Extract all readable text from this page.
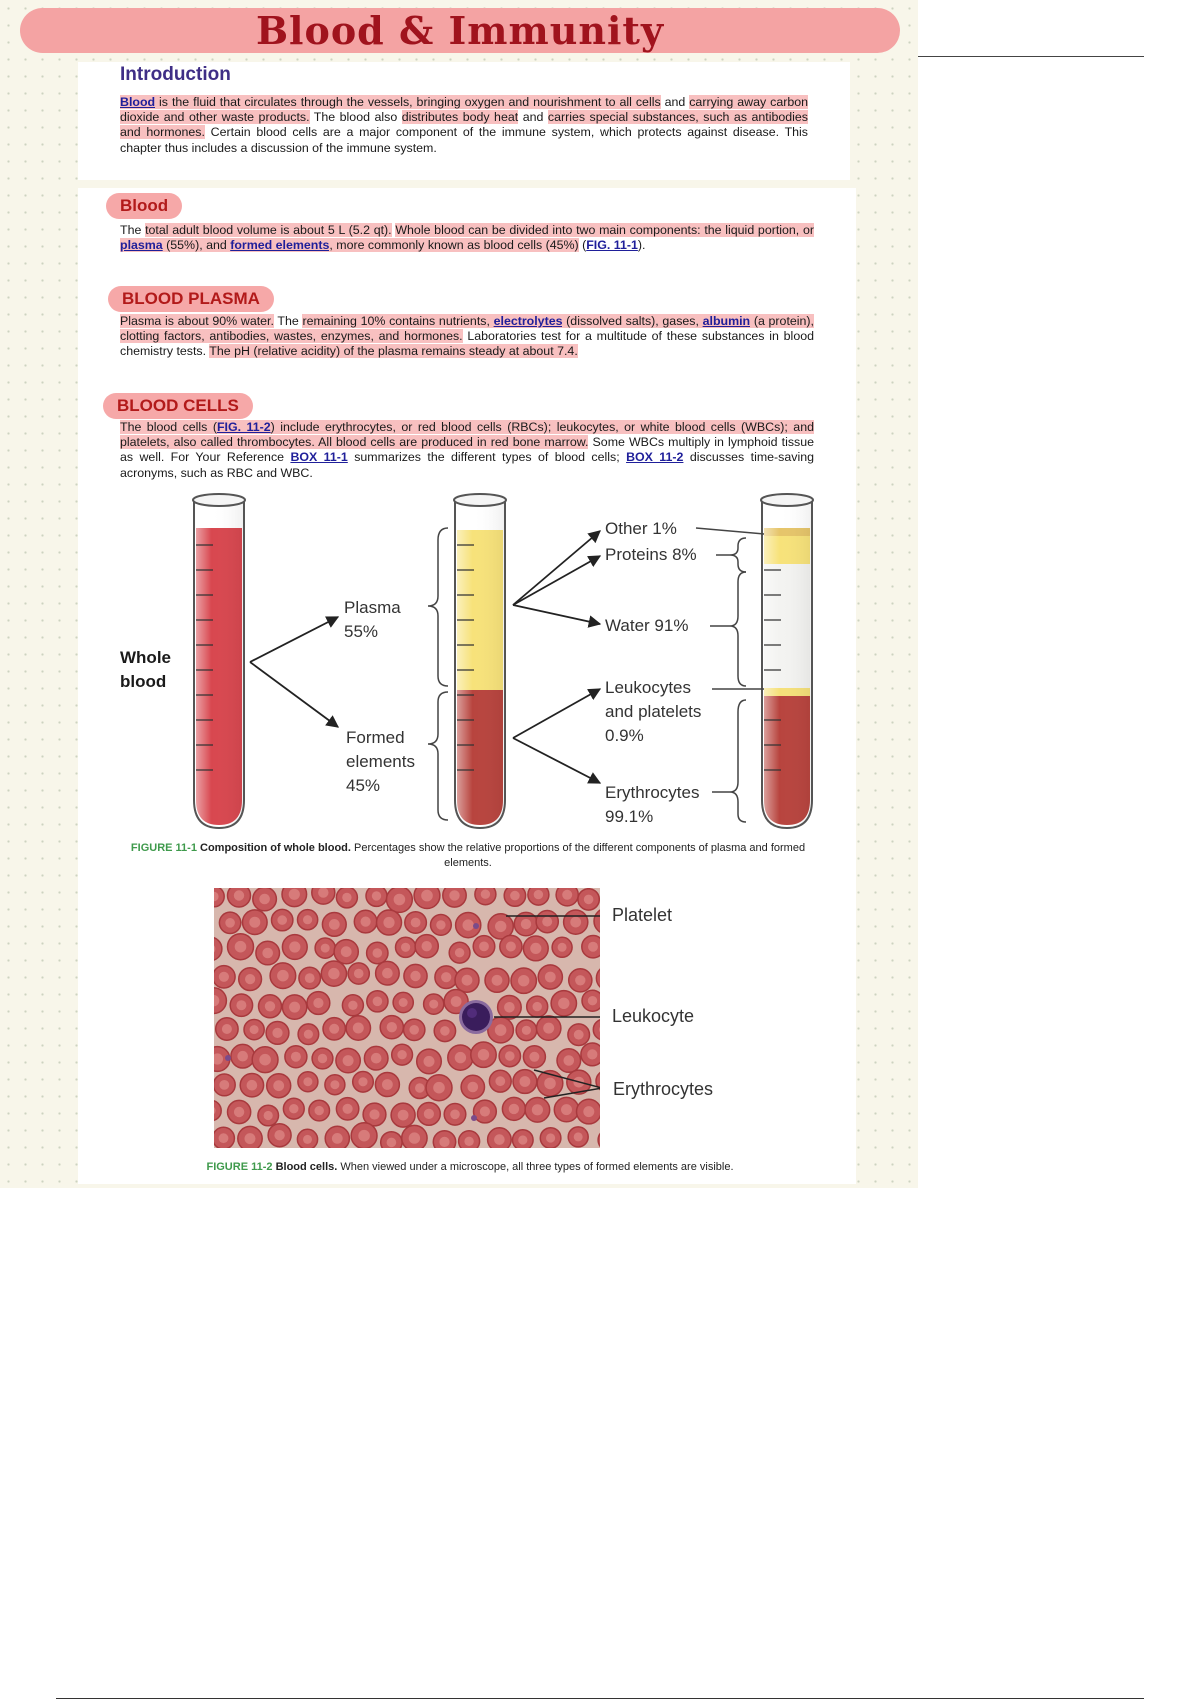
Blood & Immunity
Introduction

Blood is the fluid that circulates through the vessels, bringing oxygen and nourishment to all cells and carrying away carbon dioxide and other waste products. The blood also distributes body heat and carries special substances, such as antibodies and hormones. Certain blood cells are a major component of the immune system, which protects against disease. This chapter thus includes a discussion of the immune system.

Blood

The total adult blood volume is about 5 L (5.2 qt). Whole blood can be divided into two main components: the liquid portion, or plasma (55%), and formed elements, more commonly known as blood cells (45%) (FIG. 11-1).

BLOOD PLASMA

Plasma is about 90% water. The remaining 10% contains nutrients, electrolytes (dissolved salts), gases, albumin (a protein), clotting factors, antibodies, wastes, enzymes, and hormones. Laboratories test for a multitude of these substances in blood chemistry tests. The pH (relative acidity) of the plasma remains steady at about 7.4.

BLOOD CELLS

The blood cells (FIG. 11-2) include erythrocytes, or red blood cells (RBCs); leukocytes, or white blood cells (WBCs); and platelets, also called thrombocytes. All blood cells are produced in red bone marrow. Some WBCs multiply in lymphoid tissue as well. For Your Reference BOX 11-1 summarizes the different types of blood cells; BOX 11-2 discusses time-saving acronyms, such as RBC and WBC.

Whole
blood
Plasma
55%
Formed
elements
45%
Other 1%
Proteins 8%
Water 91%
Leukocytes
and platelets
0.9%
Erythrocytes
99.1%
FIGURE 11-1 Composition of whole blood. Percentages show the relative proportions of the different components of plasma and formed elements.
Platelet
Leukocyte
Erythrocytes
FIGURE 11-2 Blood cells. When viewed under a microscope, all three types of formed elements are visible.
